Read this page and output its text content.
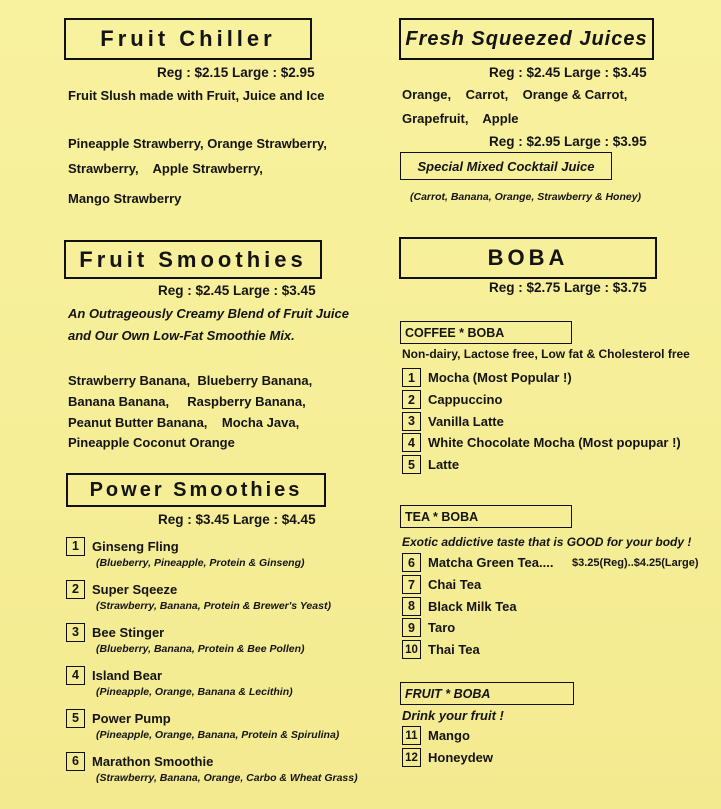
Fruit Chiller
Reg : $2.15 Large : $2.95
Fruit Slush made with Fruit, Juice and Ice
Pineapple Strawberry, Orange Strawberry,
Strawberry,    Apple Strawberry,
Mango Strawberry
Fruit Smoothies
Reg : $2.45 Large : $3.45
An Outrageously Creamy Blend of Fruit Juice
and Our Own Low-Fat Smoothie Mix.
Strawberry Banana,  Blueberry Banana,
Banana Banana,     Raspberry Banana,
Peanut Butter Banana,    Mocha Java,
Pineapple Coconut Orange
Power Smoothies
Reg : $3.45 Large : $4.45
1	Ginseng Fling
(Blueberry, Pineapple, Protein & Ginseng)
2	Super Sqeeze
(Strawberry, Banana, Protein & Brewer's Yeast)
3	Bee Stinger
(Blueberry, Banana, Protein & Bee Pollen)
4	Island Bear
(Pineapple, Orange, Banana & Lecithin)
5	Power Pump
(Pineapple, Orange, Banana, Protein & Spirulina)
6	Marathon Smoothie
(Strawberry, Banana, Orange, Carbo & Wheat Grass)
Fresh Squeezed Juices
Reg : $2.45 Large : $3.45
Orange,    Carrot,    Orange & Carrot,
Grapefruit,    Apple
Reg : $2.95 Large : $3.95
Special Mixed Cocktail Juice
(Carrot, Banana, Orange, Strawberry & Honey)
BOBA
Reg : $2.75 Large : $3.75
COFFEE * BOBA
Non-dairy, Lactose free, Low fat & Cholesterol free
1	Mocha (Most Popular !)
2	Cappuccino
3	Vanilla Latte
4	White Chocolate Mocha (Most popupar !)
5	Latte
TEA * BOBA
Exotic addictive taste that is GOOD for your body !
6	Matcha Green Tea.... $3.25(Reg)..$4.25(Large)
7	Chai Tea
8	Black Milk Tea
9	Taro
10 Thai Tea
FRUIT * BOBA
Drink your fruit !
11 Mango
12 Honeydew
